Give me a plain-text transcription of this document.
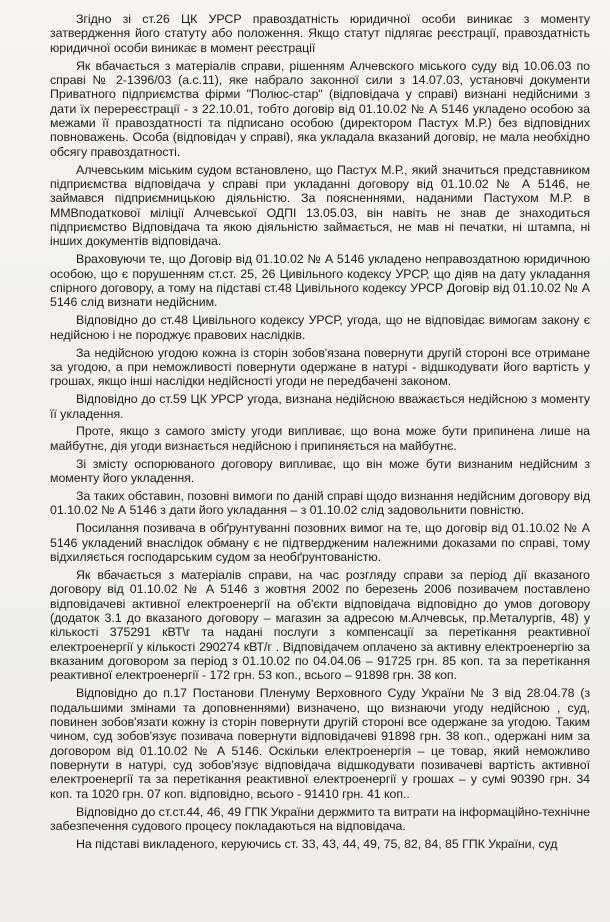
Згідно зі ст.26 ЦК УРСР правоздатність юридичної особи виникає з моменту затвердження його статуту або положення. Якщо статут підлягає реєстрації, правоздатність юридичної особи виникає в момент реєстрації

Як вбачається з матеріалів справи, рішенням Алчевского міського суду від 10.06.03 по справі № 2-1396/03 (а.с.11), яке набрало законної сили з 14.07.03, установчі документи Приватного підприємства фірми "Полюс-стар" (відповідача у справі) визнані недійсними з дати їх перереєстрації - з 22.10.01, тобто договір від 01.10.02 № А 5146 укладено особою за межами її правоздатності та підписано особою (директором Пастух М.Р.) без відповідних повноважень. Особа (відповідач у справі), яка укладала вказаний договір, не мала необхідно обсягу правоздатності.

Алчевським міським судом встановлено, що Пастух М.Р., який значиться представником підприємства відповідача у справі при укладанні договору від 01.10.02 № А 5146, не займався підприємницькою діяльністю. За поясненнями, наданими Пастухом М.Р. в ММВподаткової міліції Алчевської ОДПІ 13.05.03, він навіть не знав де знаходиться підприємство Відповідача та якою діяльністю займається, не мав ні печатки, ні штампа, ні інших документів відповідача.

Враховуючи те, що Договір від 01.10.02 № А 5146 укладено неправоздатною юридичною особою, що є порушенням ст.ст. 25, 26 Цивільного кодексу УРСР, що діяв на дату укладання спірного договору, а тому на підставі ст.48 Цивільного кодексу УРСР Договір від 01.10.02 № А 5146 слід визнати недійсним.

Відповідно до ст.48 Цивільного кодексу УРСР, угода, що не відповідає вимогам закону є недійсною і не породжує правових наслідків.

За недійсною угодою кожна із сторін зобов'язана повернути другій стороні все отримане за угодою, а при неможливості повернути одержане в натурі - відшкодувати його вартість у грошах, якщо інші наслідки недійсності угоди не передбачені законом.

Відповідно до ст.59 ЦК УРСР угода, визнана недійсною вважається недійсною з моменту її укладення.

Проте, якщо з самого змісту угоди випливає, що вона може бути припинена лише на майбутнє, дія угоди визнається недійсною і припиняється на майбутнє.

Зі змісту оспорюваного договору випливає, що він може бути визнаним недійсним з моменту його укладення.

За таких обставин, позовні вимоги по даній справі щодо визнання недійсним договору від 01.10.02 № А 5146 з дати його укладання – з 01.10.02 слід задовольнити повністю.

Посилання позивача в обґрунтуванні позовних вимог на те, що договір від 01.10.02 № А 5146 укладений внаслідок обману є не підтвердженим належними доказами по справі, тому відхиляється господарським судом за необґрунтованістю.

Як вбачається з матеріалів справи, на час розгляду справи за період дії вказаного договору від 01.10.02 № А 5146 з жовтня 2002 по березень 2006 позивачем поставлено відповідачеві активної електроенергії на об'єкти відповідача відповідно до умов договору (додаток 3.1 до вказаного договору – магазин за адресою м.Алчевськ, пр.Металургів, 48) у кількості 375291 кВТ\г та надані послуги з компенсації за перетікання реактивної електроенергії у кількості 290274 кВТ/г . Відповідачем оплачено за активну електроенергію за вказаним договором за період з 01.10.02 по 04.04.06 – 91725 грн. 85 коп. та за перетікання реактивної електроенергії - 172 грн. 53 коп., всього – 91898 грн. 38 коп.

Відповідно до п.17 Постанови Пленуму Верховного Суду України № 3 від 28.04.78 (з подальшими змінами та доповненнями) визначено, що визнаючи угоду недійсною , суд, повинен зобов'язати кожну із сторін повернути другій стороні все одержане за угодою. Таким чином, суд зобов'язує позивача повернути відповідачеві 91898 грн. 38 коп., одержані ним за договором від 01.10.02 № А 5146. Оскільки електроенергія – це товар, який неможливо повернути в натурі, суд зобов'язує відповідача відшкодувати позивачеві вартість активної електроенергії та за перетікання реактивної електроенергії у грошах – у сумі 90390 грн. 34 коп. та 1020 грн. 07 коп. відповідно, всього - 91410 грн. 41 коп..

Відповідно до ст.ст.44, 46, 49 ГПК України держмито та витрати на інформаційно-технічне забезпечення судового процесу покладаються на відповідача.

На підставі викладеного, керуючись ст. 33, 43, 44, 49, 75, 82, 84, 85 ГПК України, суд
